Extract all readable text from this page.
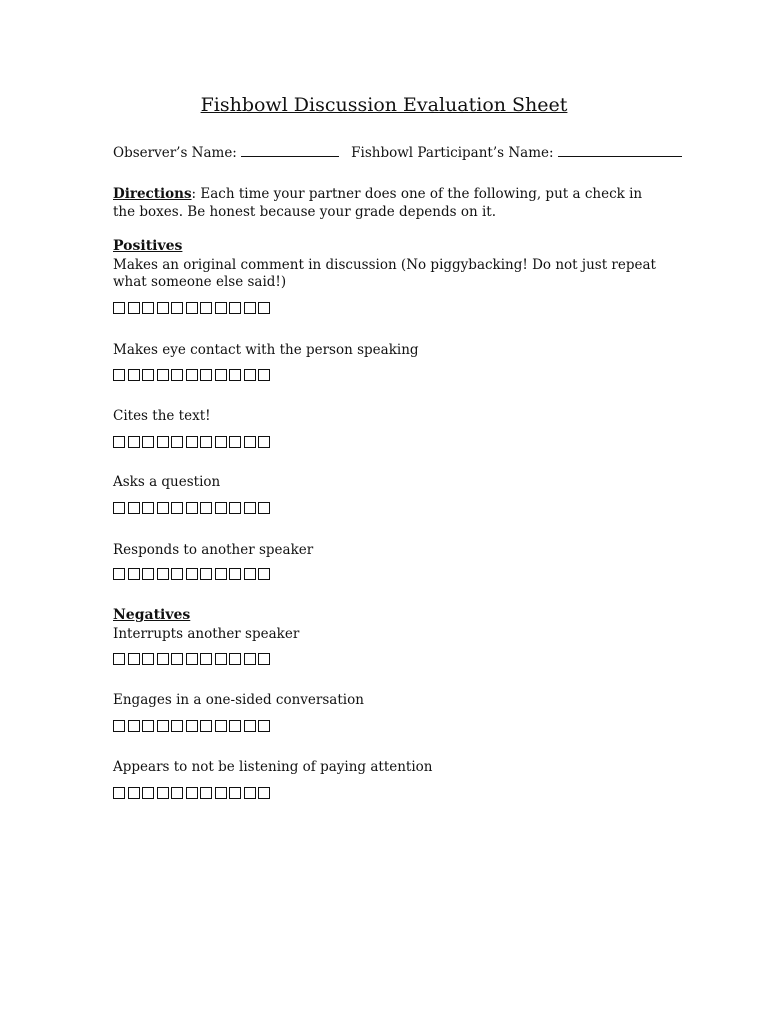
Fishbowl Discussion Evaluation Sheet
Observer’s Name:	Fishbowl Participant’s Name:
Directions: Each time your partner does one of the following, put a check in the boxes. Be honest because your grade depends on it.
Positives
Makes an original comment in discussion (No piggybacking! Do not just repeat what someone else said!)
Makes eye contact with the person speaking
Cites the text!
Asks a question
Responds to another speaker
Negatives
Interrupts another speaker
Engages in a one-sided conversation
Appears to not be listening of paying attention
